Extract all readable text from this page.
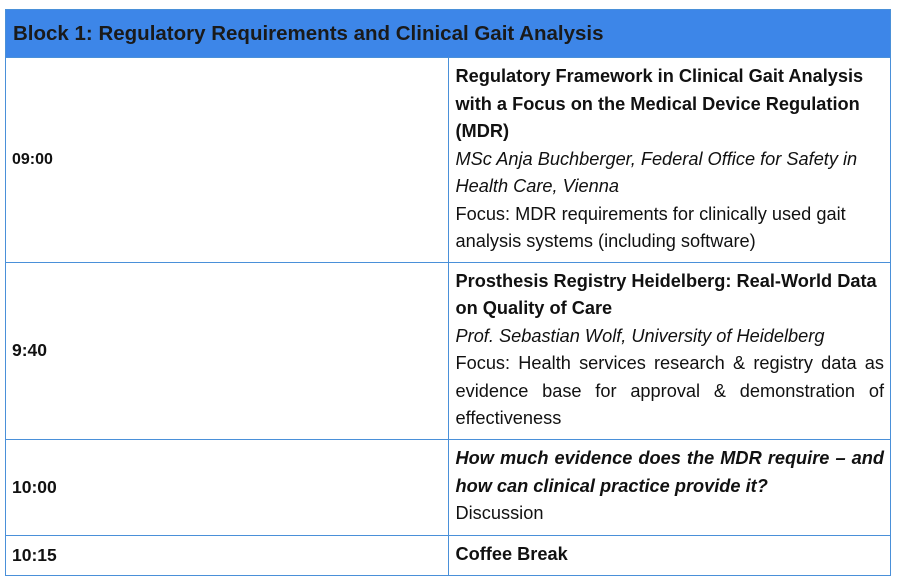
Block 1: Regulatory Requirements and Clinical Gait Analysis	
09:00	Regulatory Framework in Clinical Gait Analysis with a Focus on the Medical Device Regulation (MDR)
MSc Anja Buchberger, Federal Office for Safety in Health Care, Vienna
Focus: MDR requirements for clinically used gait analysis systems (including software)

9:40	Prosthesis Registry Heidelberg: Real-World Data on Quality of Care
Prof. Sebastian Wolf, University of Heidelberg
Focus: Health services research & registry data as evidence base for approval & demonstration of effectiveness

10:00	How much evidence does the MDR require – and how can clinical practice provide it?
Discussion

10:15	Coffee Break
